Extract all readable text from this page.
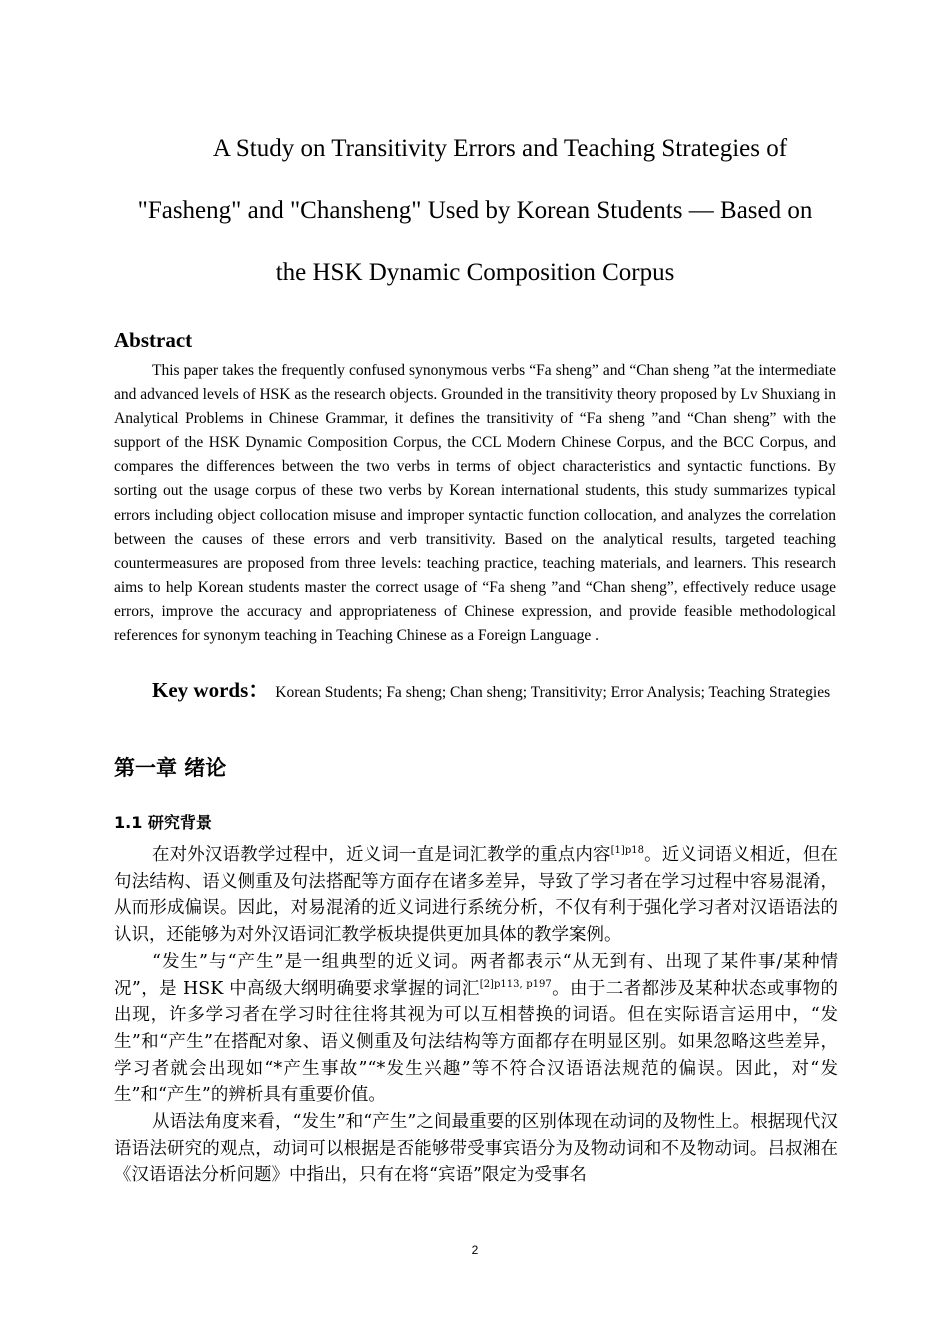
A Study on Transitivity Errors and Teaching Strategies of
"Fasheng" and "Chansheng" Used by Korean Students — Based on
the HSK Dynamic Composition Corpus
Abstract

This paper takes the frequently confused synonymous verbs “Fa sheng” and “Chan sheng ”at the intermediate and advanced levels of HSK as the research objects. Grounded in the transitivity theory proposed by Lv Shuxiang in Analytical Problems in Chinese Grammar, it defines the transitivity of “Fa sheng ”and “Chan sheng” with the support of the HSK Dynamic Composition Corpus, the CCL Modern Chinese Corpus, and the BCC Corpus, and compares the differences between the two verbs in terms of object characteristics and syntactic functions. By sorting out the usage corpus of these two verbs by Korean international students, this study summarizes typical errors including object collocation misuse and improper syntactic function collocation, and analyzes the correlation between the causes of these errors and verb transitivity. Based on the analytical results, targeted teaching countermeasures are proposed from three levels: teaching practice, teaching materials, and learners. This research aims to help Korean students master the correct usage of “Fa sheng ”and “Chan sheng”, effectively reduce usage errors, improve the accuracy and appropriateness of Chinese expression, and provide feasible methodological references for synonym teaching in Teaching Chinese as a Foreign Language .

Key words： Korean Students; Fa sheng; Chan sheng; Transitivity; Error Analysis; Teaching Strategies

第一章 绪论
1.1 研究背景

在对外汉语教学过程中，近义词一直是词汇教学的重点内容$^{[1]p18}$。近义词语义相近，但在句法结构、语义侧重及句法搭配等方面存在诸多差异，导致了学习者在学习过程中容易混淆，从而形成偏误。因此，对易混淆的近义词进行系统分析，不仅有利于强化学习者对汉语语法的认识，还能够为对外汉语词汇教学板块提供更加具体的教学案例。

“发生”与“产生”是一组典型的近义词。两者都表示“从无到有、出现了某件事/某种情况”，是 HSK 中高级大纲明确要求掌握的词汇$^{[2]p113, p197}$。由于二者都涉及某种状态或事物的出现，许多学习者在学习时往往将其视为可以互相替换的词语。但在实际语言运用中，“发生”和“产生”在搭配对象、语义侧重及句法结构等方面都存在明显区别。如果忽略这些差异，学习者就会出现如“*产生事故”“*发生兴趣”等不符合汉语语法规范的偏误。因此，对“发生”和“产生”的辨析具有重要价值。

从语法角度来看，“发生”和“产生”之间最重要的区别体现在动词的及物性上。根据现代汉语语法研究的观点，动词可以根据是否能够带受事宾语分为及物动词和不及物动词。吕叔湘在《汉语语法分析问题》中指出，只有在将“宾语”限定为受事名

2
